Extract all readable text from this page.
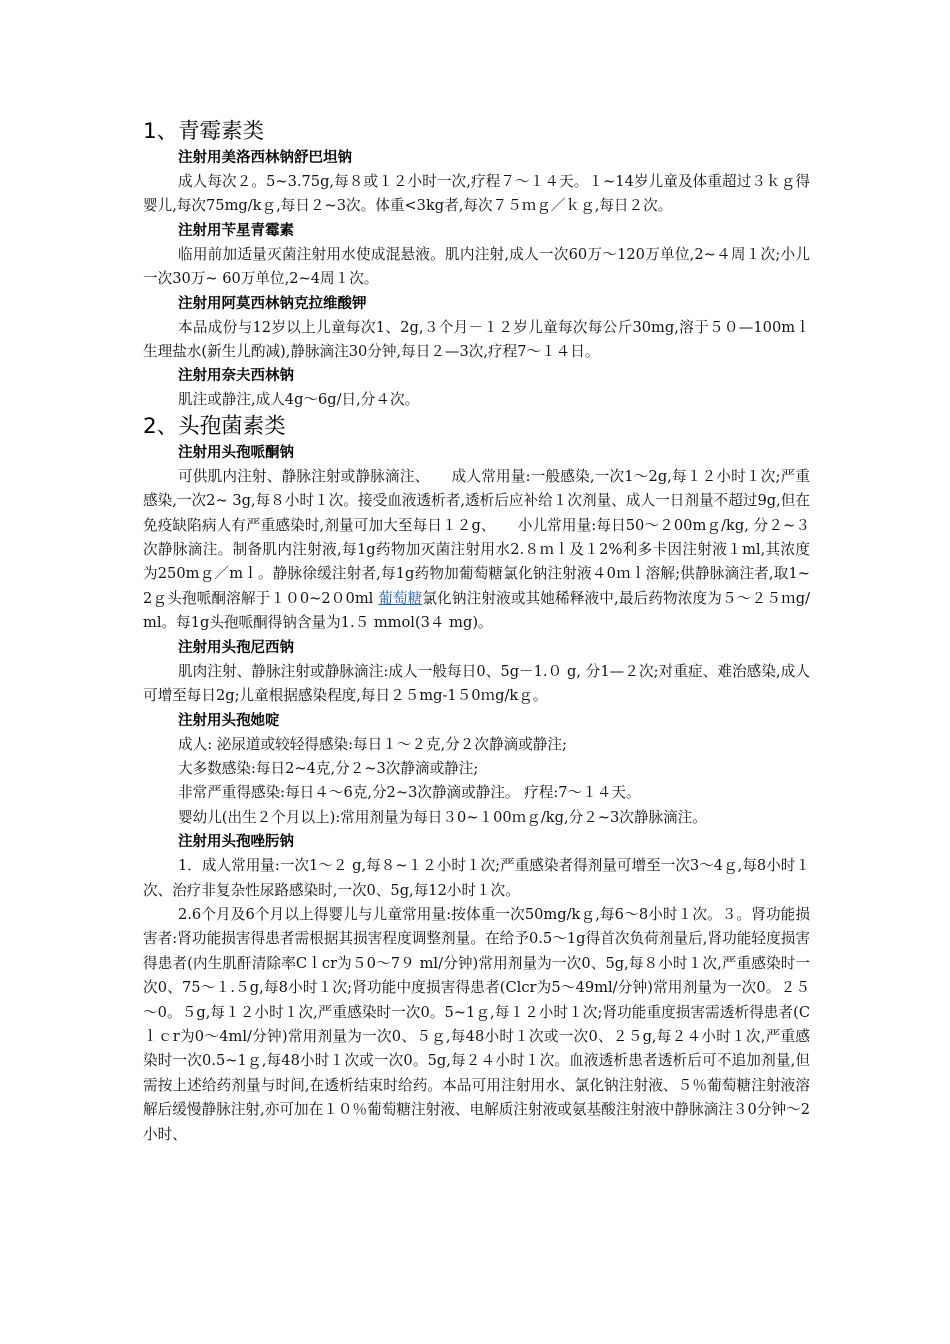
1、青霉素类
注射用美洛西林钠舒巴坦钠

成人每次２。5~3.75g,每８或１２小时一次,疗程７～１４天。１~14岁儿童及体重超过３ｋｇ得婴儿,每次75mg/kｇ,每日２~3次。体重<3kg者,每次７５ｍｇ／ｋｇ,每日２次。

注射用苄星青霉素

临用前加适量灭菌注射用水使成混悬液。肌内注射,成人一次60万～120万单位,2~４周１次;小儿一次30万~ 60万单位,2~4周１次。

注射用阿莫西林钠克拉维酸钾

本品成份与12岁以上儿童每次1、2g,３个月－１２岁儿童每次每公斤30mg,溶于５０—100mｌ生理盐水(新生儿酌减),静脉滴注30分钟,每日２—3次,疗程7～１４日。

注射用奈夫西林钠

肌注或静注,成人4g～6g/日,分４次。

2、头孢菌素类
注射用头孢哌酮钠

可供肌内注射、静脉注射或静脉滴注、　　成人常用量:一般感染,一次1～2g,每１２小时１次;严重感染,一次2~ 3g,每８小时１次。接受血液透析者,透析后应补给１次剂量、成人一日剂量不超过9g,但在免疫缺陷病人有严重感染时,剂量可加大至每日１２g、　　小儿常用量:每日50～２00mｇ/kg, 分２~３次静脉滴注。制备肌内注射液,每1g药物加灭菌注射用水2.８ｍｌ及１2%利多卡因注射液１ml,其浓度为250mｇ／mｌ。静脉徐缓注射者,每1g药物加葡萄糖氯化钠注射液４0ｍｌ溶解;供静脉滴注者,取1~2ｇ头孢哌酮溶解于１０0~2０0ml 葡萄糖氯化钠注射液或其她稀释液中,最后药物浓度为５～２５ｍg/ml。每1g头孢哌酮得钠含量为1.５ mmol(3４ mg)。

注射用头孢尼西钠

肌肉注射、静脉注射或静脉滴注:成人一般每日0、5g－1.０ g, 分1—２次;对重症、难治感染,成人可增至每日2g;儿童根据感染程度,每日２５mg-1５0ｍg/kｇ。

注射用头孢她啶

成人: 泌尿道或较轻得感染:每日１～２克,分２次静滴或静注;

大多数感染:每日2~4克,分２~3次静滴或静注;

非常严重得感染:每日４～6克,分2~3次静滴或静注。 疗程:7～１４天。

婴幼儿(出生２个月以上):常用剂量为每日３0~１00ｍｇ/kg,分２~3次静脉滴注。

注射用头孢唑肟钠

1．成人常用量:一次1～２ g,每８~１２小时１次;严重感染者得剂量可增至一次3～4ｇ,每8小时１次、治疗非复杂性尿路感染时,一次0、5g,每12小时１次。

2.6个月及6个月以上得婴儿与儿童常用量:按体重一次50mg/kｇ,每6～8小时１次。３。肾功能损害者:肾功能损害得患者需根据其损害程度调整剂量。在给予0.5～1g得首次负荷剂量后,肾功能轻度损害得患者(内生肌酐清除率Cｌcr为５0～7９ ml/分钟)常用剂量为一次0、5g,每８小时１次,严重感染时一次0、75～１.５g,每8小时１次;肾功能中度损害得患者(Clcr为5～49ml/分钟)常用剂量为一次0。２５～0。５g,每１２小时１次,严重感染时一次0。5~1ｇ,每１２小时１次;肾功能重度损害需透析得患者(Cｌｃr为0～4ml/分钟)常用剂量为一次0、５ｇ,每48小时１次或一次0、２５g,每２４小时１次,严重感染时一次0.5~1ｇ,每48小时１次或一次0。5g,每２４小时１次。血液透析患者透析后可不追加剂量,但需按上述给药剂量与时间,在透析结束时给药。本品可用注射用水、氯化钠注射液、５％葡萄糖注射液溶解后缓慢静脉注射,亦可加在１０％葡萄糖注射液、电解质注射液或氨基酸注射液中静脉滴注３0分钟～2小时、
